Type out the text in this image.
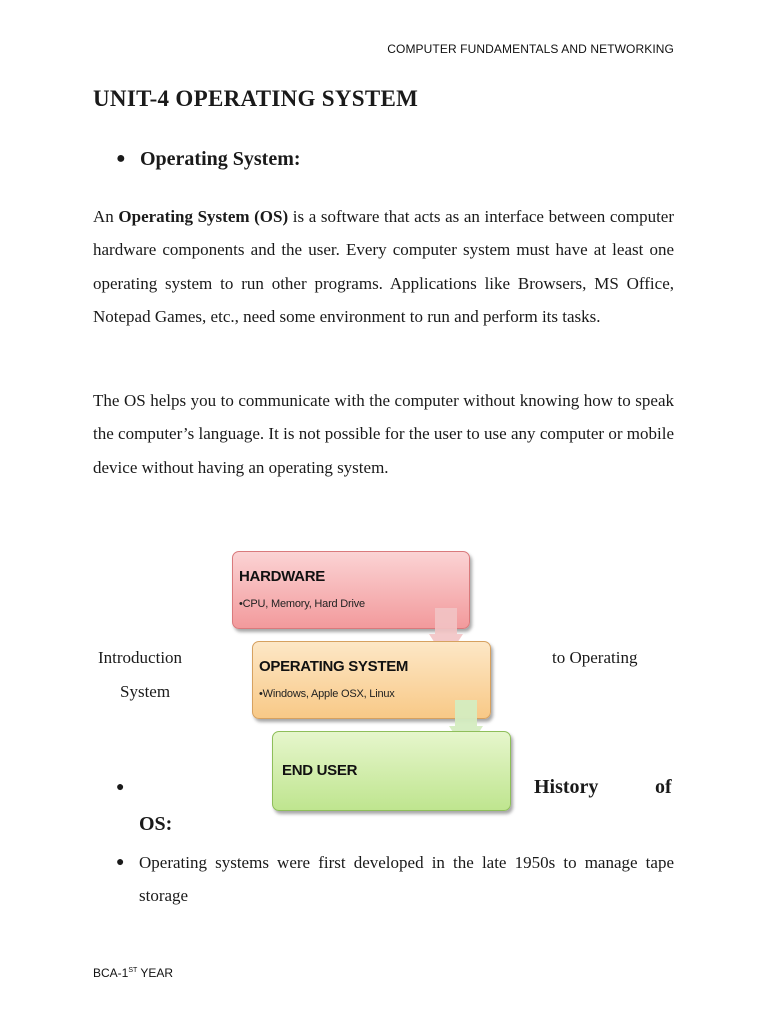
COMPUTER FUNDAMENTALS AND NETWORKING
UNIT-4 OPERATING SYSTEM
● Operating System:

An Operating System (OS) is a software that acts as an interface between computer hardware components and the user. Every computer system must have at least one operating system to run other programs. Applications like Browsers, MS Office, Notepad Games, etc., need some environment to run and perform its tasks.

The OS helps you to communicate with the computer without knowing how to speak the computer’s language. It is not possible for the user to use any computer or mobile device without having an operating system.

HARDWARE
•CPU, Memory, Hard Drive
OPERATING SYSTEM
•Windows, Apple OSX, Linux
END USER
Introduction	to Operating
System
●	History	of
OS:
● Operating systems were first developed in the late 1950s to manage tape storage

BCA-1ST YEAR
